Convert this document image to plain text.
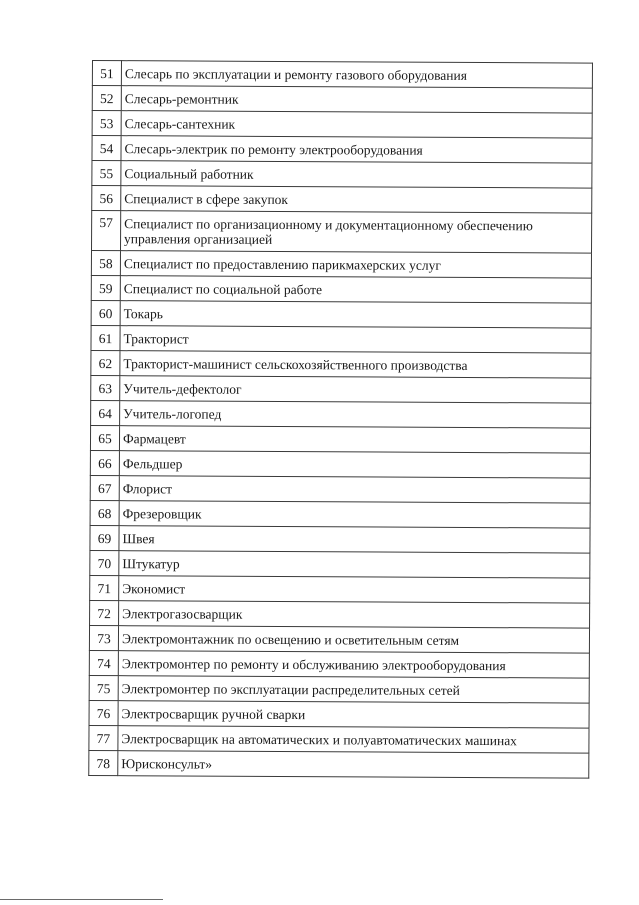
51	Слесарь по эксплуатации и ремонту газового оборудования
52	Слесарь-ремонтник
53	Слесарь-сантехник
54	Слесарь-электрик по ремонту электрооборудования
55	Социальный работник
56	Специалист в сфере закупок
57	Специалист по организационному и документационному обеспечению управления организацией
58	Специалист по предоставлению парикмахерских услуг
59	Специалист по социальной работе
60	Токарь
61	Тракторист
62	Тракторист-машинист сельскохозяйственного производства
63	Учитель-дефектолог
64	Учитель-логопед
65	Фармацевт
66	Фельдшер
67	Флорист
68	Фрезеровщик
69	Швея
70	Штукатур
71	Экономист
72	Электрогазосварщик
73	Электромонтажник по освещению и осветительным сетям
74	Электромонтер по ремонту и обслуживанию электрооборудования
75	Электромонтер по эксплуатации распределительных сетей
76	Электросварщик ручной сварки
77	Электросварщик на автоматических и полуавтоматических машинах
78	Юрисконсульт»
